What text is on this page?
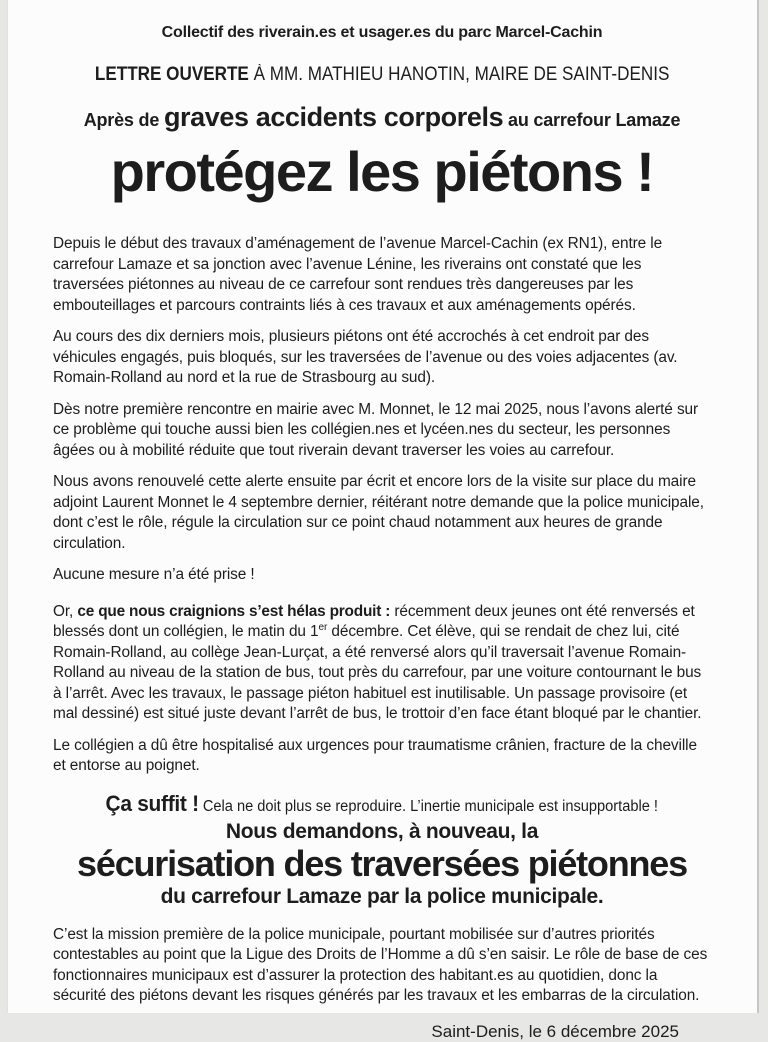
Collectif des riverain.es et usager.es du parc Marcel-Cachin
LETTRE OUVERTE À MM. MATHIEU HANOTIN, MAIRE DE SAINT-DENIS
Après de graves accidents corporels au carrefour Lamaze
protégez les piétons !

Depuis le début des travaux d’aménagement de l’avenue Marcel-Cachin (ex RN1), entre le carrefour Lamaze et sa jonction avec l’avenue Lénine, les riverains ont constaté que les traversées piétonnes au niveau de ce carrefour sont rendues très dangereuses par les embouteillages et parcours contraints liés à ces travaux et aux aménagements opérés.

Au cours des dix derniers mois, plusieurs piétons ont été accrochés à cet endroit par des véhicules engagés, puis bloqués, sur les traversées de l’avenue ou des voies adjacentes (av. Romain-Rolland au nord et la rue de Strasbourg au sud).

Dès notre première rencontre en mairie avec M. Monnet, le 12 mai 2025, nous l’avons alerté sur ce problème qui touche aussi bien les collégien.nes et lycéen.nes du secteur, les personnes âgées ou à mobilité réduite que tout riverain devant traverser les voies au carrefour.

Nous avons renouvelé cette alerte ensuite par écrit et encore lors de la visite sur place du maire adjoint Laurent Monnet le 4 septembre dernier, réitérant notre demande que la police municipale, dont c’est le rôle, régule la circulation sur ce point chaud notamment aux heures de grande circulation.

Aucune mesure n’a été prise !

Or, ce que nous craignions s’est hélas produit : récemment deux jeunes ont été renversés et blessés dont un collégien, le matin du 1er décembre. Cet élève, qui se rendait de chez lui, cité Romain-Rolland, au collège Jean-Lurçat, a été renversé alors qu’il traversait l’avenue Romain-Rolland au niveau de la station de bus, tout près du carrefour, par une voiture contournant le bus à l’arrêt. Avec les travaux, le passage piéton habituel est inutilisable. Un passage provisoire (et mal dessiné) est situé juste devant l’arrêt de bus, le trottoir d’en face étant bloqué par le chantier.

Le collégien a dû être hospitalisé aux urgences pour traumatisme crânien, fracture de la cheville et entorse au poignet.

Ça suffit ! Cela ne doit plus se reproduire. L’inertie municipale est insupportable !
Nous demandons, à nouveau, la
sécurisation des traversées piétonnes
du carrefour Lamaze par la police municipale.

C’est la mission première de la police municipale, pourtant mobilisée sur d’autres priorités contestables au point que la Ligue des Droits de l’Homme a dû s’en saisir. Le rôle de base de ces fonctionnaires municipaux est d’assurer la protection des habitant.es au quotidien, donc la sécurité des piétons devant les risques générés par les travaux et les embarras de la circulation.

Saint-Denis, le 6 décembre 2025
